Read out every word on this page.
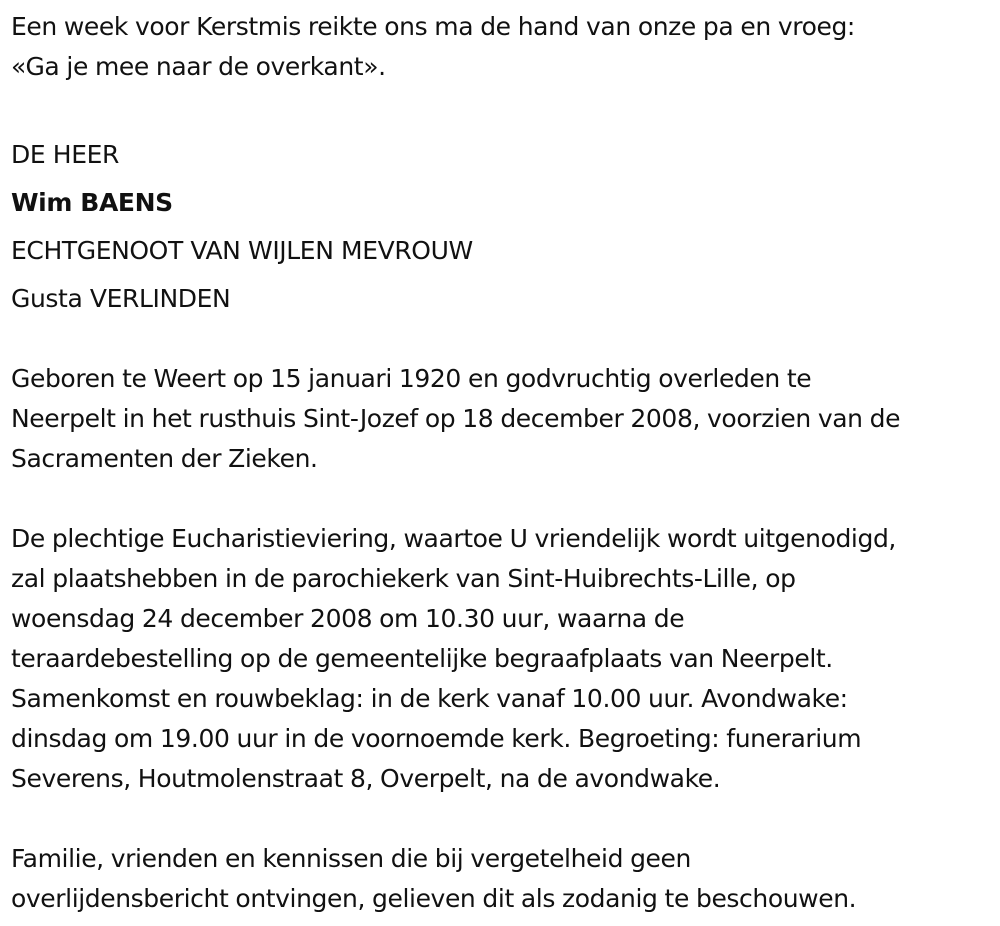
Een week voor Kerstmis reikte ons ma de hand van onze pa en vroeg:
«Ga je mee naar de overkant».
DE HEER
Wim BAENS
ECHTGENOOT VAN WIJLEN MEVROUW
Gusta VERLINDEN
Geboren te Weert op 15 januari 1920 en godvruchtig overleden te
Neerpelt in het rusthuis Sint-Jozef op 18 december 2008, voorzien van de
Sacramenten der Zieken.
De plechtige Eucharistieviering, waartoe U vriendelijk wordt uitgenodigd,
zal plaatshebben in de parochiekerk van Sint-Huibrechts-Lille, op
woensdag 24 december 2008 om 10.30 uur, waarna de
teraardebestelling op de gemeentelijke begraafplaats van Neerpelt.
Samenkomst en rouwbeklag: in de kerk vanaf 10.00 uur. Avondwake:
dinsdag om 19.00 uur in de voornoemde kerk. Begroeting: funerarium
Severens, Houtmolenstraat 8, Overpelt, na de avondwake.
Familie, vrienden en kennissen die bij vergetelheid geen
overlijdensbericht ontvingen, gelieven dit als zodanig te beschouwen.
